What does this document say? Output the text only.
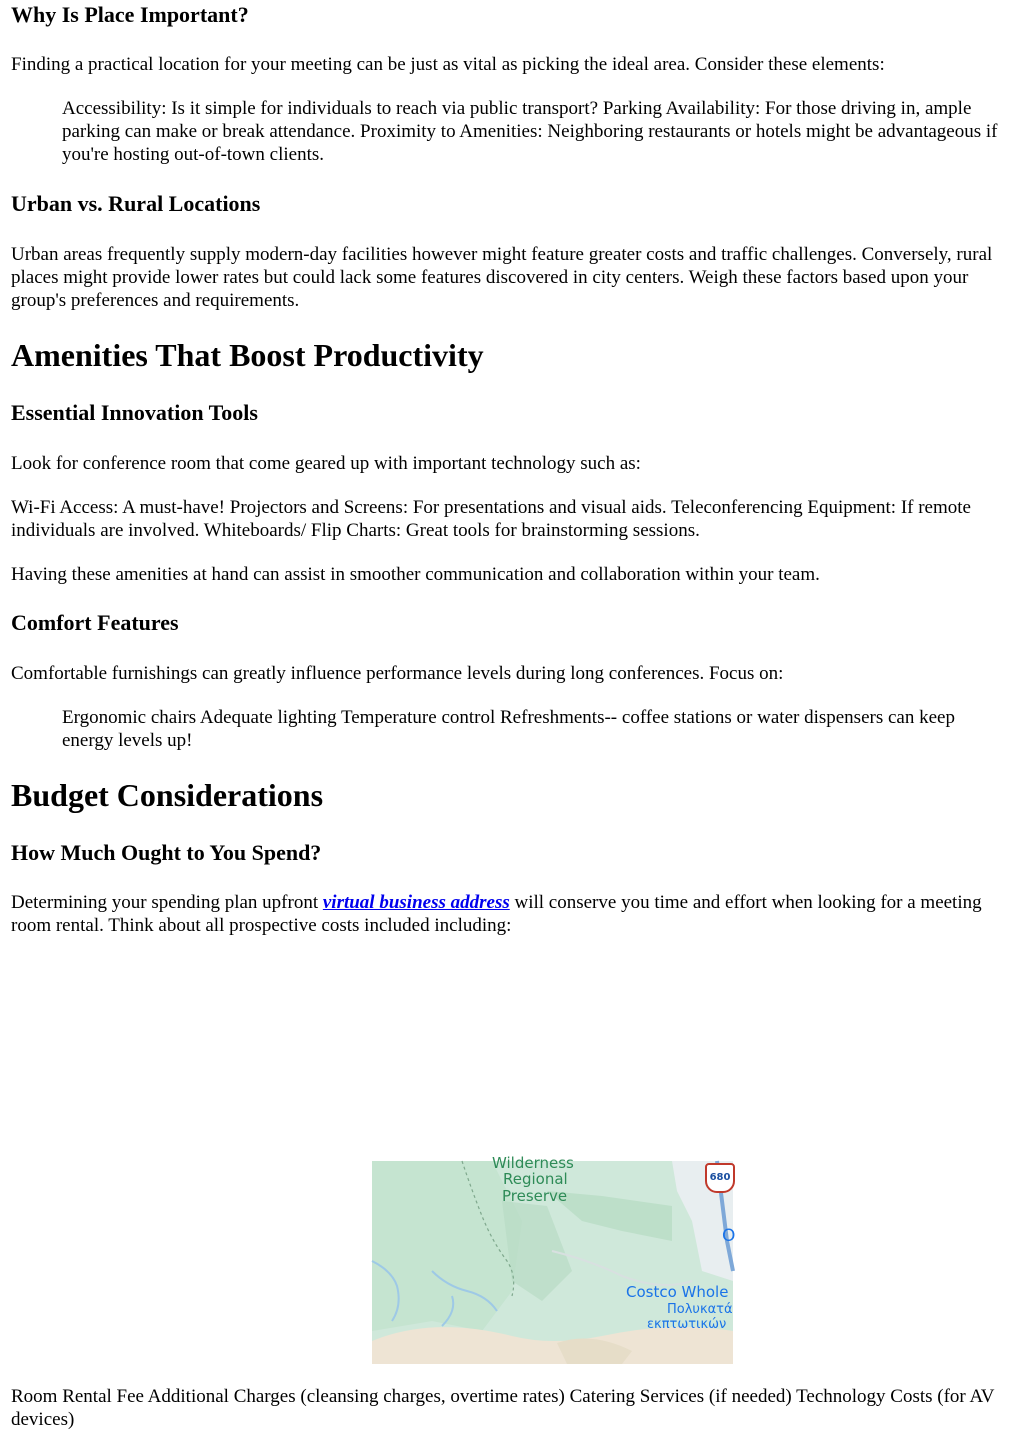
Why Is Place Important?

Finding a practical location for your meeting can be just as vital as picking the ideal area. Consider these elements:

Accessibility: Is it simple for individuals to reach via public transport? Parking Availability: For those driving in, ample parking can make or break attendance. Proximity to Amenities: Neighboring restaurants or hotels might be advantageous if you're hosting out-of-town clients.

Urban vs. Rural Locations

Urban areas frequently supply modern-day facilities however might feature greater costs and traffic challenges. Conversely, rural places might provide lower rates but could lack some features discovered in city centers. Weigh these factors based upon your group's preferences and requirements.

Amenities That Boost Productivity
Essential Innovation Tools

Look for conference room that come geared up with important technology such as:

Wi-Fi Access: A must-have! Projectors and Screens: For presentations and visual aids. Teleconferencing Equipment: If remote individuals are involved. Whiteboards/ Flip Charts: Great tools for brainstorming sessions.

Having these amenities at hand can assist in smoother communication and collaboration within your team.

Comfort Features

Comfortable furnishings can greatly influence performance levels during long conferences. Focus on:

Ergonomic chairs Adequate lighting Temperature control Refreshments-- coffee stations or water dispensers can keep energy levels up!

Budget Considerations
How Much Ought to You Spend?

Determining your spending plan upfront virtual business address will conserve you time and effort when looking for a meeting room rental. Think about all prospective costs included including:

Wilderness
Regional
Preserve
680
O
Costco Whole
Πολυκατά
εκπτωτικών

Room Rental Fee Additional Charges (cleansing charges, overtime rates) Catering Services (if needed) Technology Costs (for AV devices)
